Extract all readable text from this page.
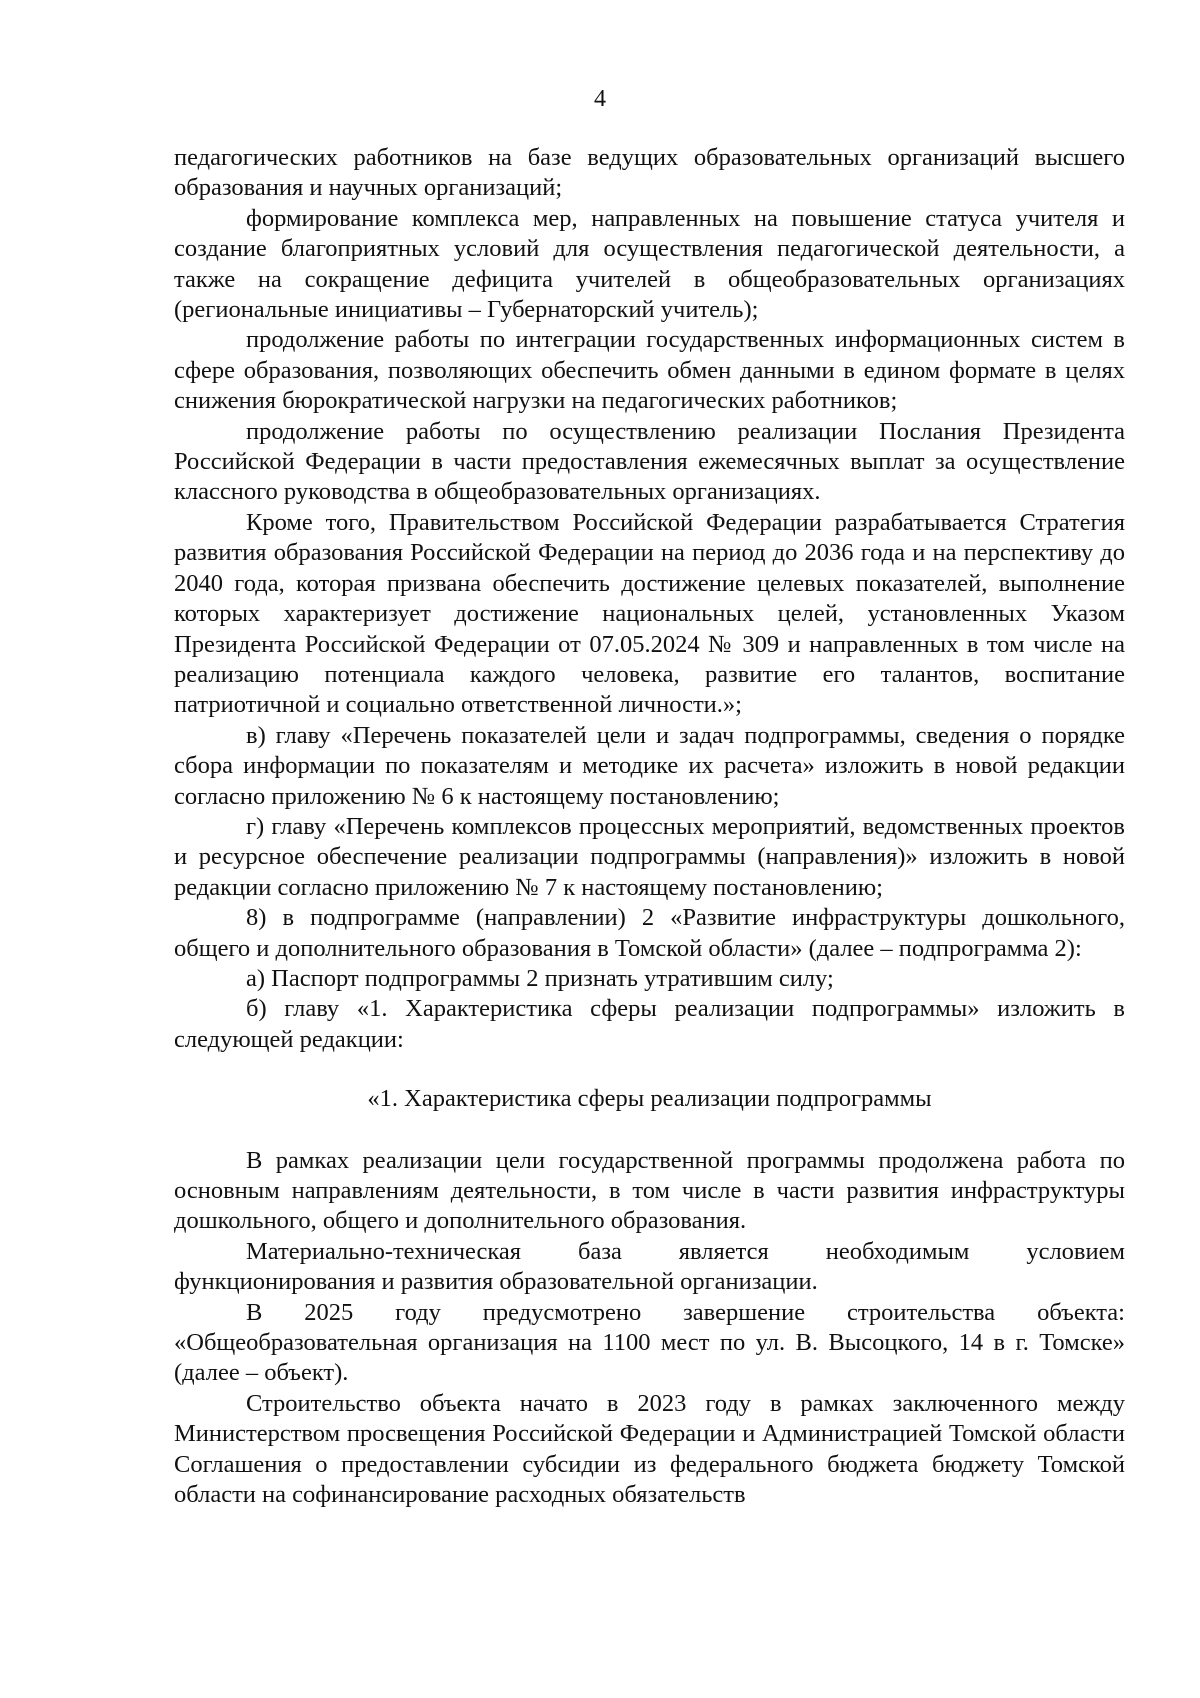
4

педагогических работников на базе ведущих образовательных организаций высшего образования и научных организаций;

формирование комплекса мер, направленных на повышение статуса учителя и создание благоприятных условий для осуществления педагогической деятельности, а также на сокращение дефицита учителей в общеобразовательных организациях (региональные инициативы – Губернаторский учитель);

продолжение работы по интеграции государственных информационных систем в сфере образования, позволяющих обеспечить обмен данными в едином формате в целях снижения бюрократической нагрузки на педагогических работников;

продолжение работы по осуществлению реализации Послания Президента Российской Федерации в части предоставления ежемесячных выплат за осуществление классного руководства в общеобразовательных организациях.

Кроме того, Правительством Российской Федерации разрабатывается Стратегия развития образования Российской Федерации на период до 2036 года и на перспективу до 2040 года, которая призвана обеспечить достижение целевых показателей, выполнение которых характеризует достижение национальных целей, установленных Указом Президента Российской Федерации от 07.05.2024 № 309 и направленных в том числе на реализацию потенциала каждого человека, развитие его талантов, воспитание патриотичной и социально ответственной личности.»;

в) главу «Перечень показателей цели и задач подпрограммы, сведения о порядке сбора информации по показателям и методике их расчета» изложить в новой редакции согласно приложению № 6 к настоящему постановлению;

г) главу «Перечень комплексов процессных мероприятий, ведомственных проектов и ресурсное обеспечение реализации подпрограммы (направления)» изложить в новой редакции согласно приложению № 7 к настоящему постановлению;

8) в подпрограмме (направлении) 2 «Развитие инфраструктуры дошкольного, общего и дополнительного образования в Томской области» (далее – подпрограмма 2):

а) Паспорт подпрограммы 2 признать утратившим силу;

б) главу «1. Характеристика сферы реализации подпрограммы» изложить в следующей редакции:

«1. Характеристика сферы реализации подпрограммы

В рамках реализации цели государственной программы продолжена работа по основным направлениям деятельности, в том числе в части развития инфраструктуры дошкольного, общего и дополнительного образования.

Материально-техническая база является необходимым условием функционирования и развития образовательной организации.

В 2025 году предусмотрено завершение строительства объекта: «Общеобразовательная организация на 1100 мест по ул. В. Высоцкого, 14 в г. Томске» (далее – объект).

Строительство объекта начато в 2023 году в рамках заключенного между Министерством просвещения Российской Федерации и Администрацией Томской области Соглашения о предоставлении субсидии из федерального бюджета бюджету Томской области на софинансирование расходных обязательств
